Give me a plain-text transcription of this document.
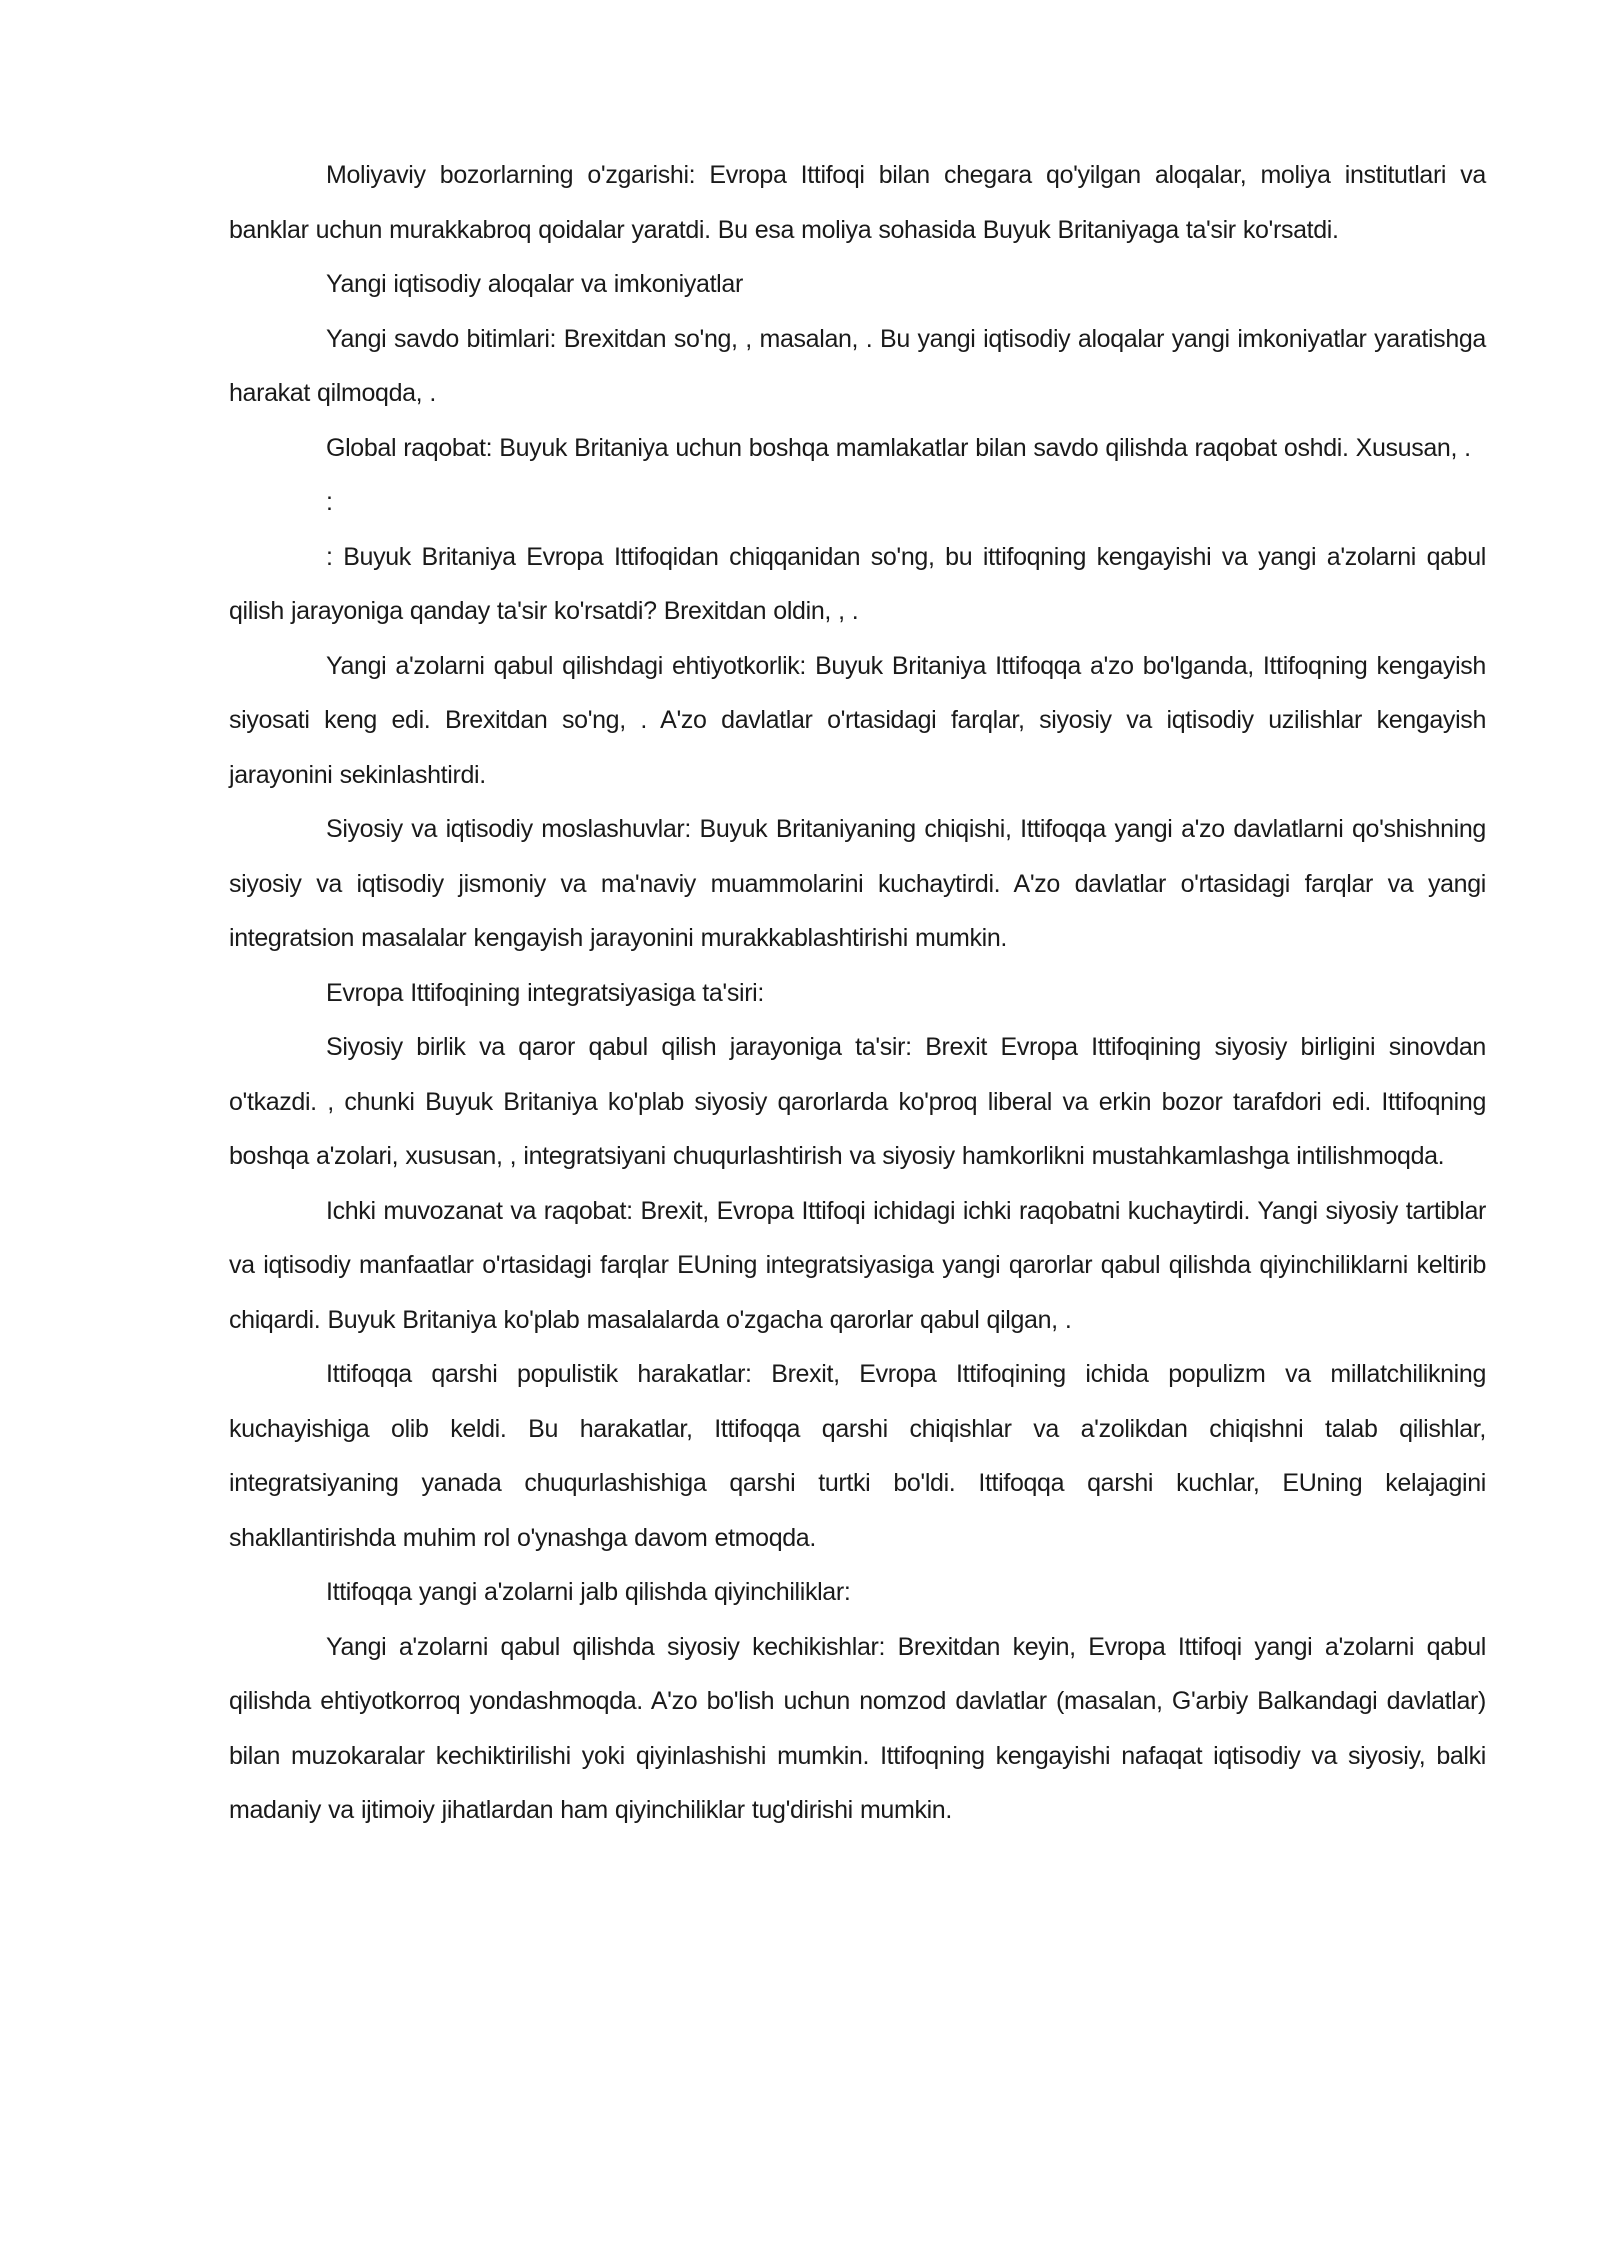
Moliyaviy bozorlarning o'zgarishi: Evropa Ittifoqi bilan chegara qo'yilgan aloqalar, moliya institutlari va banklar uchun murakkabroq qoidalar yaratdi. Bu esa moliya sohasida Buyuk Britaniyaga ta'sir ko'rsatdi.

Yangi iqtisodiy aloqalar va imkoniyatlar

Yangi savdo bitimlari: Brexitdan so'ng, , masalan, . Bu yangi iqtisodiy aloqalar yangi imkoniyatlar yaratishga harakat qilmoqda, .

Global raqobat: Buyuk Britaniya uchun boshqa mamlakatlar bilan savdo qilishda raqobat oshdi. Xususan, .

:

: Buyuk Britaniya Evropa Ittifoqidan chiqqanidan so'ng, bu ittifoqning kengayishi va yangi a'zolarni qabul qilish jarayoniga qanday ta'sir ko'rsatdi? Brexitdan oldin, , .

Yangi a'zolarni qabul qilishdagi ehtiyotkorlik: Buyuk Britaniya Ittifoqqa a'zo bo'lganda, Ittifoqning kengayish siyosati keng edi. Brexitdan so'ng, . A'zo davlatlar o'rtasidagi farqlar, siyosiy va iqtisodiy uzilishlar kengayish jarayonini sekinlashtirdi.

Siyosiy va iqtisodiy moslashuvlar: Buyuk Britaniyaning chiqishi, Ittifoqqa yangi a'zo davlatlarni qo'shishning siyosiy va iqtisodiy jismoniy va ma'naviy muammolarini kuchaytirdi. A'zo davlatlar o'rtasidagi farqlar va yangi integratsion masalalar kengayish jarayonini murakkablashtirishi mumkin.

Evropa Ittifoqining integratsiyasiga ta'siri:

Siyosiy birlik va qaror qabul qilish jarayoniga ta'sir: Brexit Evropa Ittifoqining siyosiy birligini sinovdan o'tkazdi. , chunki Buyuk Britaniya ko'plab siyosiy qarorlarda ko'proq liberal va erkin bozor tarafdori edi. Ittifoqning boshqa a'zolari, xususan, , integratsiyani chuqurlashtirish va siyosiy hamkorlikni mustahkamlashga intilishmoqda.

Ichki muvozanat va raqobat: Brexit, Evropa Ittifoqi ichidagi ichki raqobatni kuchaytirdi. Yangi siyosiy tartiblar va iqtisodiy manfaatlar o'rtasidagi farqlar EUning integratsiyasiga yangi qarorlar qabul qilishda qiyinchiliklarni keltirib chiqardi. Buyuk Britaniya ko'plab masalalarda o'zgacha qarorlar qabul qilgan, .

Ittifoqqa qarshi populistik harakatlar: Brexit, Evropa Ittifoqining ichida populizm va millatchilikning kuchayishiga olib keldi. Bu harakatlar, Ittifoqqa qarshi chiqishlar va a'zolikdan chiqishni talab qilishlar, integratsiyaning yanada chuqurlashishiga qarshi turtki bo'ldi. Ittifoqqa qarshi kuchlar, EUning kelajagini shakllantirishda muhim rol o'ynashga davom etmoqda.

Ittifoqqa yangi a'zolarni jalb qilishda qiyinchiliklar:

Yangi a'zolarni qabul qilishda siyosiy kechikishlar: Brexitdan keyin, Evropa Ittifoqi yangi a'zolarni qabul qilishda ehtiyotkorroq yondashmoqda. A'zo bo'lish uchun nomzod davlatlar (masalan, G'arbiy Balkandagi davlatlar) bilan muzokaralar kechiktirilishi yoki qiyinlashishi mumkin. Ittifoqning kengayishi nafaqat iqtisodiy va siyosiy, balki madaniy va ijtimoiy jihatlardan ham qiyinchiliklar tug'dirishi mumkin.
